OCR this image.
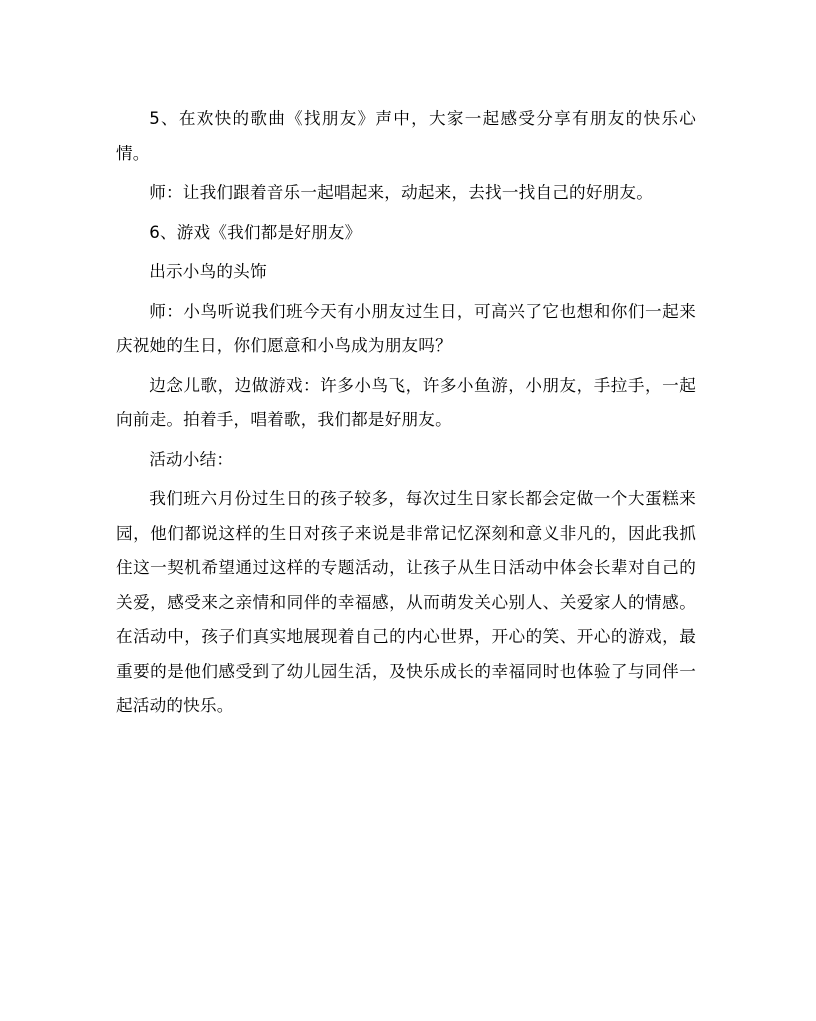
5、在欢快的歌曲《找朋友》声中，大家一起感受分享有朋友的快乐心情。

师：让我们跟着音乐一起唱起来，动起来，去找一找自己的好朋友。

6、游戏《我们都是好朋友》

出示小鸟的头饰

师：小鸟听说我们班今天有小朋友过生日，可高兴了它也想和你们一起来庆祝她的生日，你们愿意和小鸟成为朋友吗？

边念儿歌，边做游戏：许多小鸟飞，许多小鱼游，小朋友，手拉手，一起向前走。拍着手，唱着歌，我们都是好朋友。

活动小结：

我们班六月份过生日的孩子较多，每次过生日家长都会定做一个大蛋糕来园，他们都说这样的生日对孩子来说是非常记忆深刻和意义非凡的，因此我抓住这一契机希望通过这样的专题活动，让孩子从生日活动中体会长辈对自己的关爱，感受来之亲情和同伴的幸福感，从而萌发关心别人、关爱家人的情感。在活动中，孩子们真实地展现着自己的内心世界，开心的笑、开心的游戏，最重要的是他们感受到了幼儿园生活，及快乐成长的幸福同时也体验了与同伴一起活动的快乐。
